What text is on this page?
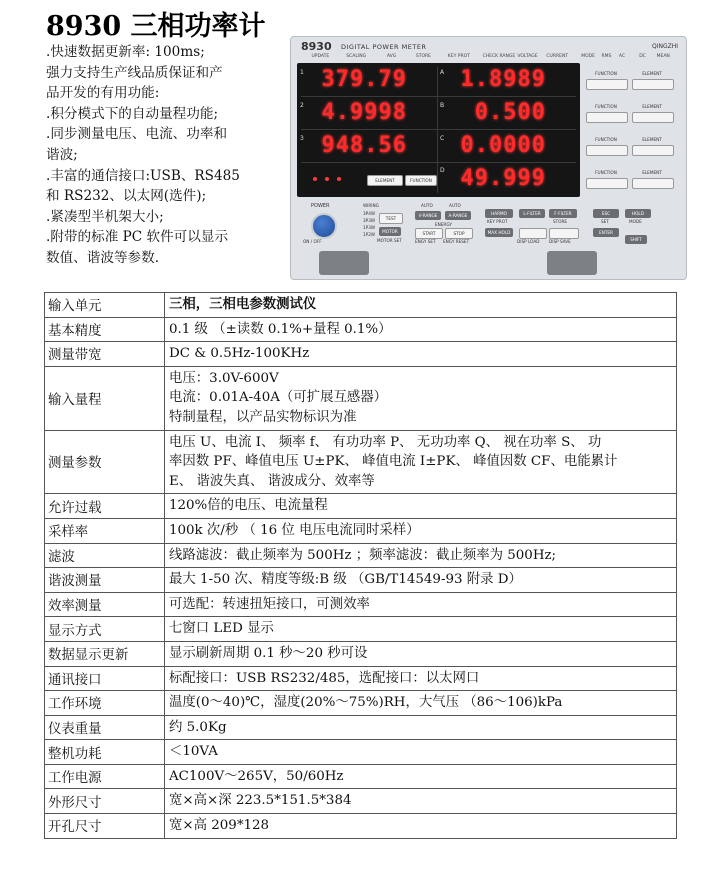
8930 三相功率计
.快速数据更新率: 100ms;
强力支持生产线品质保证和产
品开发的有用功能:
.积分模式下的自动量程功能;
.同步测量电压、电流、功率和
谐波;
.丰富的通信接口:USB、RS485
和 RS232、以太网(选件);
.紧凑型半机架大小;
.附带的标准 PC 软件可以显示
数值、谐波等参数.
8930 DIGITAL POWER METER	QINGZHI
UPDATE	SCALING	AVG	STORE	KEY PROT	CHECK RANGE VOLTAGE CURRENT	MODE RMS AC	DC MEAN
1
2
3
A
B
C
D
379.79
4.9998
948.56
1.8989
0.500
0.0000
49.999
ELEMENT	FUNCTION
FUNCTION	ELEMENT
FUNCTION	ELEMENT
FUNCTION	ELEMENT
FUNCTION	ELEMENT
POWER
ON / OFF
WIRING
3P4W
3P3W
1P3W
1P2W
TEST
MOTOR
MOTOR SET
AUTO	AUTO
V-RANGE	A-RANGE
ENERGY
START	STOP
ENGY SET ENGY RESET
HARMO
KEY PROT
MAX HOLD
L-FILTER	F-FILTER
STORE
DISP LOAD DISP SAVE
ESC
SET
ENTER
HOLD
MODE
SHIFT
输入单元	三相，三相电参数测试仪

基本精度	0.1 级 （±读数 0.1%+量程 0.1%）

测量带宽	DC & 0.5Hz-100KHz

输入量程	电压：3.0V-600V
电流：0.01A-40A（可扩展互感器）
特制量程，以产品实物标识为准

测量参数	电压 U、电流 I、 频率 f、 有功功率 P、 无功功率 Q、 视在功率 S、 功
率因数 PF、峰值电压 U±PK、 峰值电流 I±PK、 峰值因数 CF、电能累计
E、 谐波失真、 谐波成分、效率等

允许过载	120%倍的电压、电流量程

采样率	100k 次/秒 （ 16 位 电压电流同时采样）

滤波	线路滤波：截止频率为 500Hz ；频率滤波：截止频率为 500Hz;

谐波测量	最大 1-50 次、精度等级:B 级 （GB/T14549-93 附录 D）

效率测量	可选配：转速扭矩接口，可测效率

显示方式	七窗口 LED 显示

数据显示更新	显示刷新周期 0.1 秒～20 秒可设

通讯接口	标配接口：USB RS232/485，选配接口：以太网口

工作环境	温度(0～40)℃，湿度(20%～75%)RH，大气压 （86～106)kPa

仪表重量	约 5.0Kg

整机功耗	＜10VA

工作电源	AC100V～265V，50/60Hz

外形尺寸	宽×高×深 223.5*151.5*384

开孔尺寸	宽×高 209*128
